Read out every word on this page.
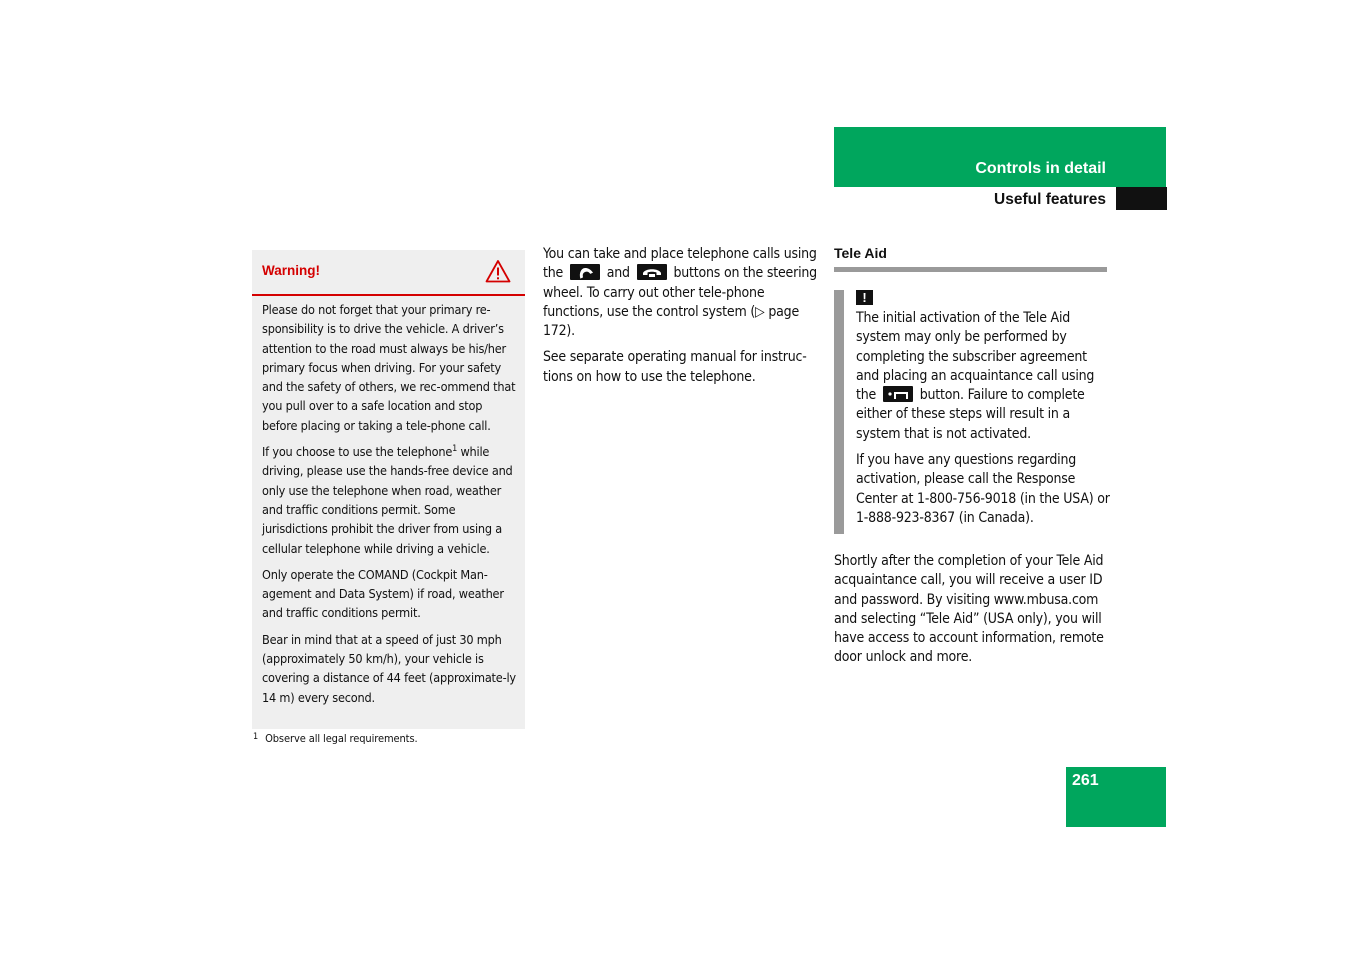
Controls in detail
Useful features
Warning!

Please do not forget that your primary re-sponsibility is to drive the vehicle. A driver’s attention to the road must always be his/her primary focus when driving. For your safety and the safety of others, we rec-ommend that you pull over to a safe location and stop before placing or taking a tele-phone call.

If you choose to use the telephone$^1$ while driving, please use the hands-free device and only use the telephone when road, weather and traffic conditions permit. Some jurisdictions prohibit the driver from using a cellular telephone while driving a vehicle.

Only operate the COMAND (Cockpit Man-agement and Data System) if road, weather and traffic conditions permit.

Bear in mind that at a speed of just 30 mph (approximately 50 km/h), your vehicle is covering a distance of 44 feet (approximate-ly 14 m) every second.

$^1$ Observe all legal requirements.

You can take and place telephone calls using the	and	buttons on the steering wheel. To carry out other tele-phone functions, use the control system (▷ page 172).

See separate operating manual for instruc-tions on how to use the telephone.

Tele Aid
!

The initial activation of the Tele Aid system may only be performed by completing the subscriber agreement and placing an acquaintance call using the	button. Failure to complete either of these steps will result in a system that is not activated.

If you have any questions regarding activation, please call the Response Center at 1-800-756-9018 (in the USA) or 1-888-923-8367 (in Canada).

Shortly after the completion of your Tele Aid acquaintance call, you will receive a user ID and password. By visiting www.mbusa.com and selecting “Tele Aid” (USA only), you will have access to account information, remote door unlock and more.

261
